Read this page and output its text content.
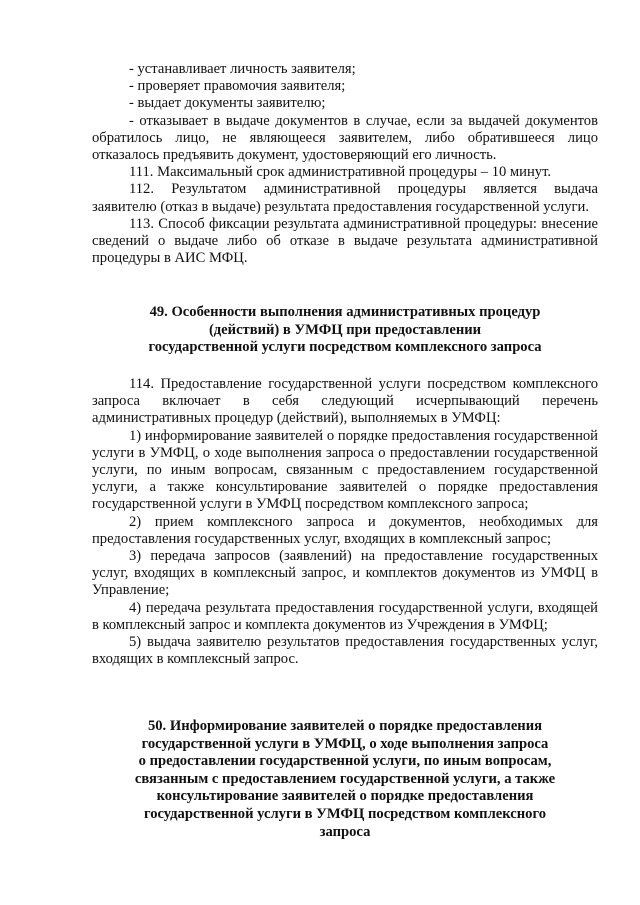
- устанавливает личность заявителя;

- проверяет правомочия заявителя;

- выдает документы заявителю;

- отказывает в выдаче документов в случае, если за выдачей документов обратилось лицо, не являющееся заявителем, либо обратившееся лицо отказалось предъявить документ, удостоверяющий его личность.

111. Максимальный срок административной процедуры – 10 минут.

112. Результатом административной процедуры является выдача заявителю (отказ в выдаче) результата предоставления государственной услуги.

113. Способ фиксации результата административной процедуры: внесение сведений о выдаче либо об отказе в выдаче результата административной процедуры в АИС МФЦ.

49. Особенности выполнения административных процедур
(действий) в УМФЦ при предоставлении
государственной услуги посредством комплексного запроса

114. Предоставление государственной услуги посредством комплексного запроса включает в себя следующий исчерпывающий перечень административных процедур (действий), выполняемых в УМФЦ:

1) информирование заявителей о порядке предоставления государственной услуги в УМФЦ, о ходе выполнения запроса о предоставлении государственной услуги, по иным вопросам, связанным с предоставлением государственной услуги, а также консультирование заявителей о порядке предоставления государственной услуги в УМФЦ посредством комплексного запроса;

2) прием комплексного запроса и документов, необходимых для предоставления государственных услуг, входящих в комплексный запрос;

3) передача запросов (заявлений) на предоставление государственных услуг, входящих в комплексный запрос, и комплектов документов из УМФЦ в Управление;

4) передача результата предоставления государственной услуги, входящей в комплексный запрос и комплекта документов из Учреждения в УМФЦ;

5) выдача заявителю результатов предоставления государственных услуг, входящих в комплексный запрос.

50. Информирование заявителей о порядке предоставления
государственной услуги в УМФЦ, о ходе выполнения запроса
о предоставлении государственной услуги, по иным вопросам,
связанным с предоставлением государственной услуги, а также
консультирование заявителей о порядке предоставления
государственной услуги в УМФЦ посредством комплексного
запроса
